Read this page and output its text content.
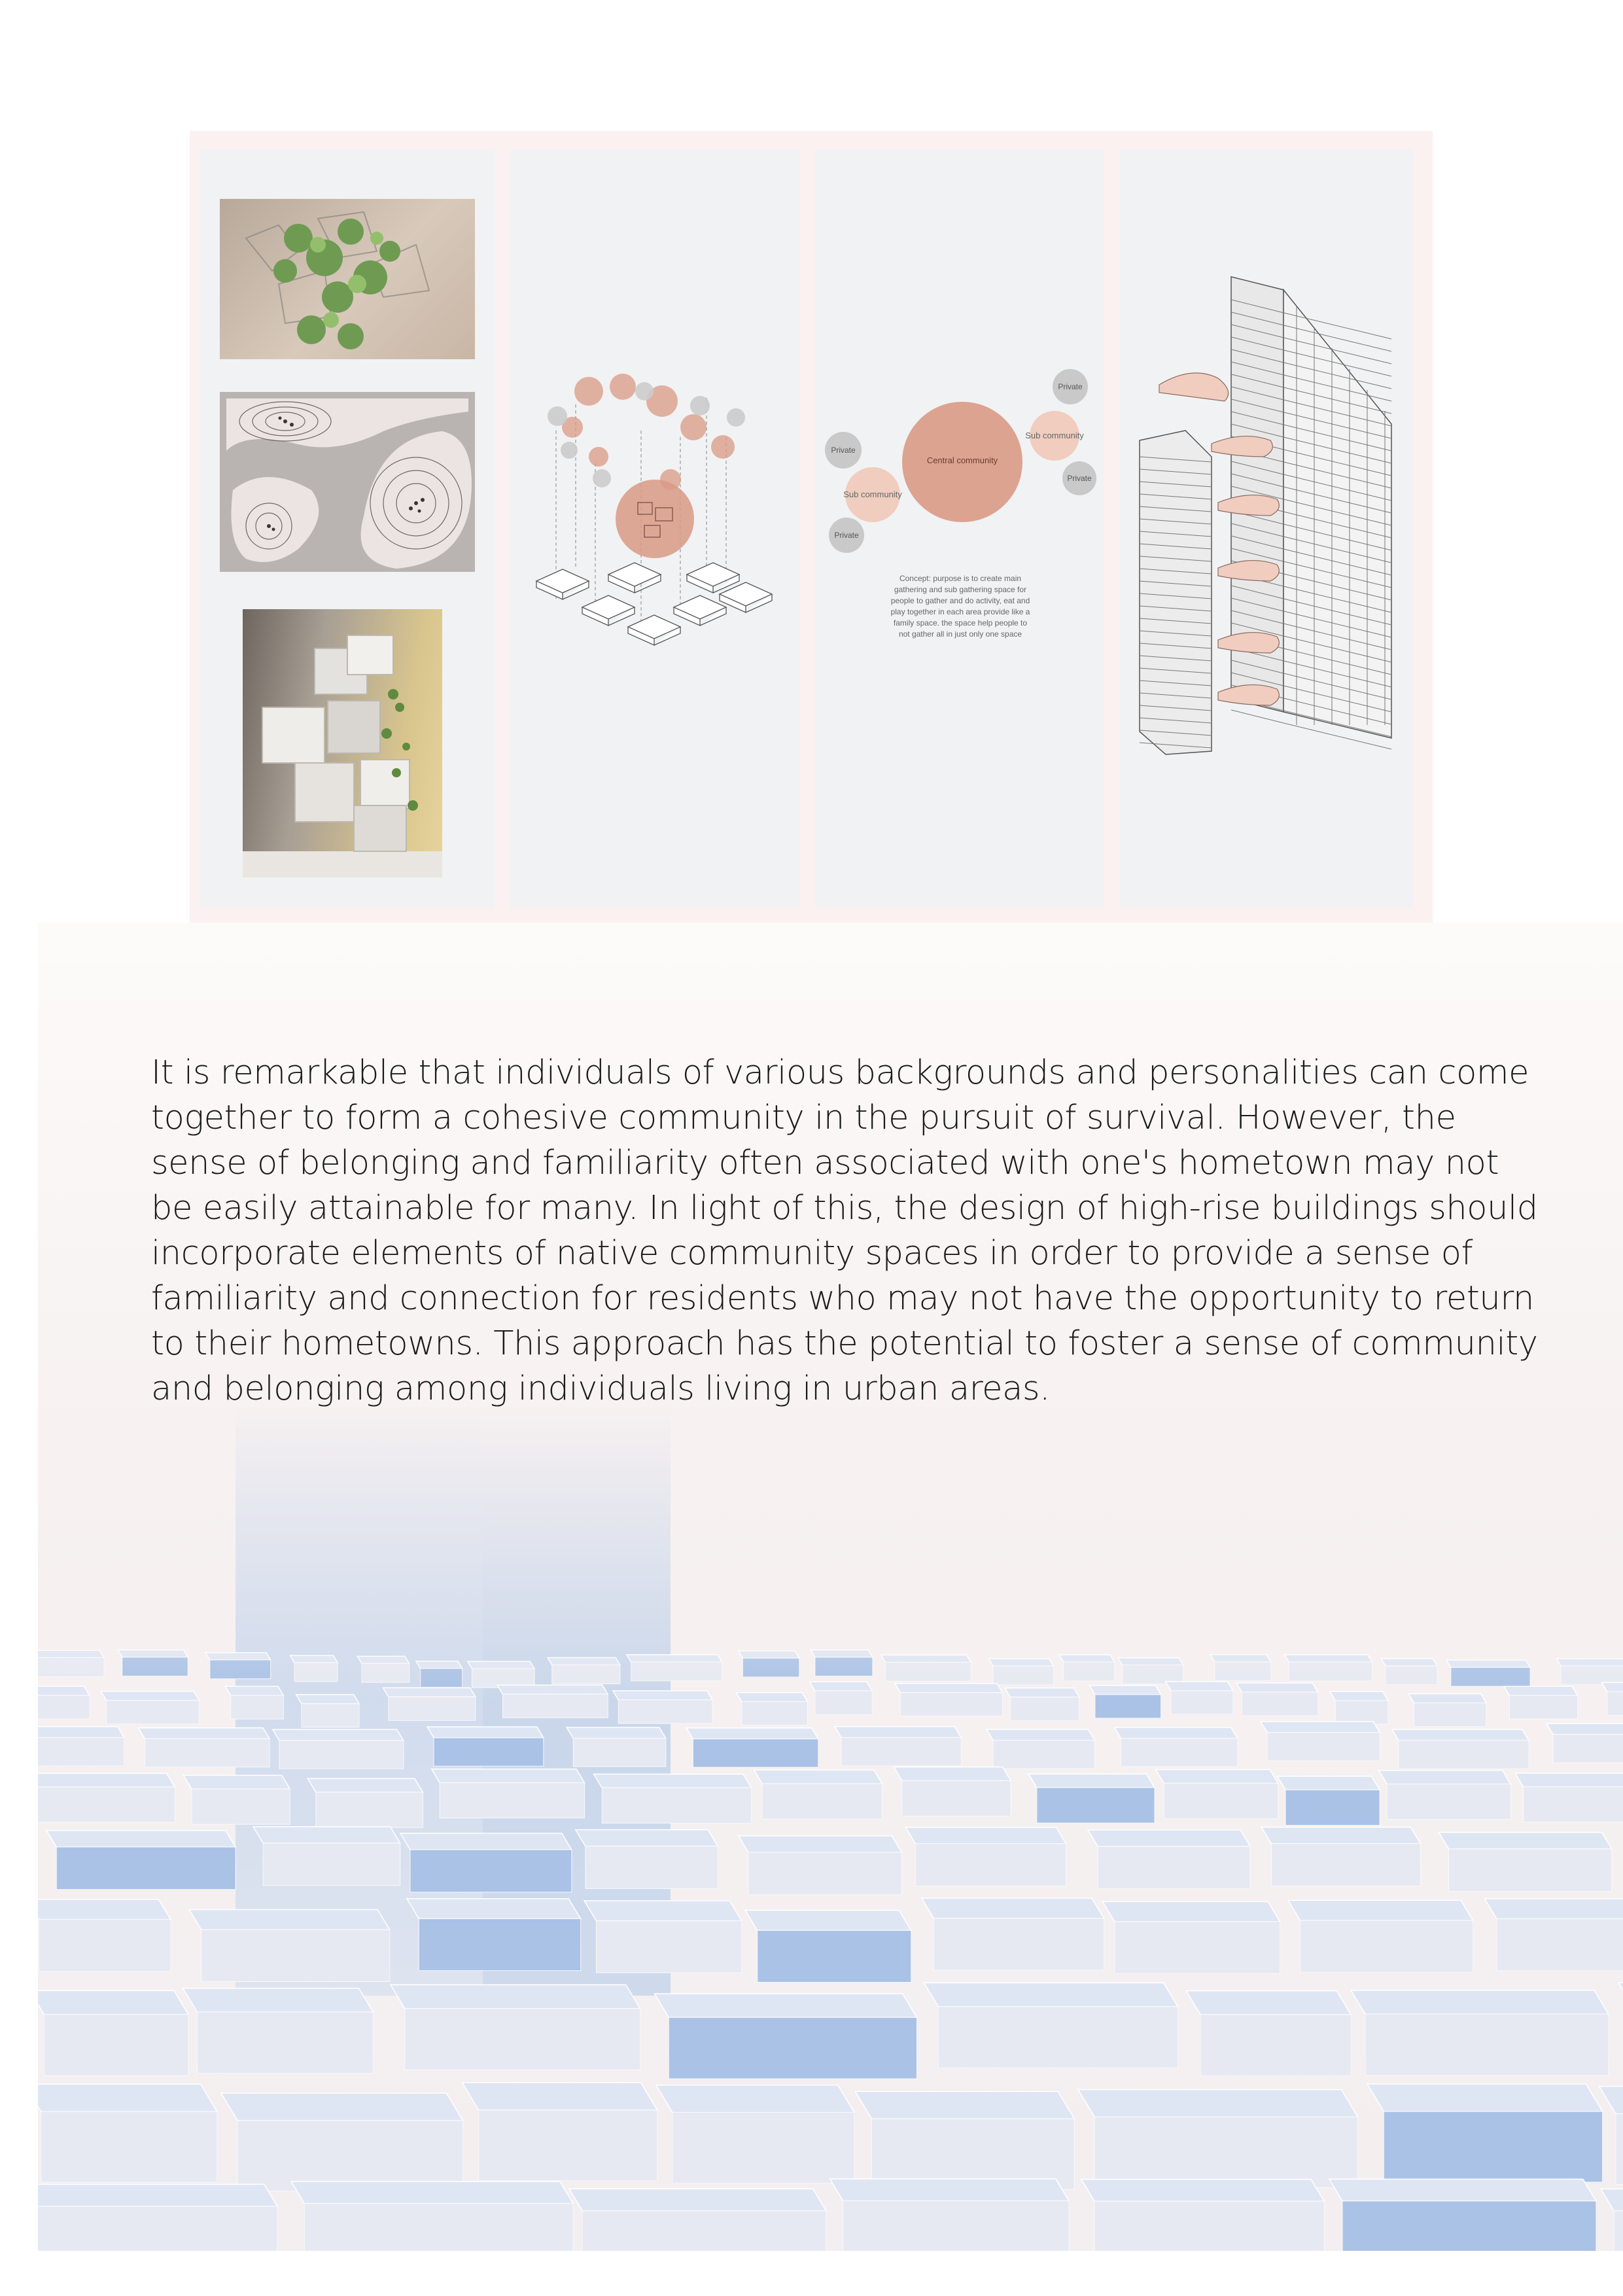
Central community
Sub community
Sub community
Private
Private
Private
Private
Concept: purpose is to create main
gathering and sub gathering space for
people to gather and do activity, eat and
play together in each area provide like a
family space. the space help people to
not gather all in just only one space
It is remarkable that individuals of various backgrounds and personalities can come
together to form a cohesive community in the pursuit of survival. However, the
sense of belonging and familiarity often associated with one's hometown may not
be easily attainable for many. In light of this, the design of high-rise buildings should
incorporate elements of native community spaces in order to provide a sense of
familiarity and connection for residents who may not have the opportunity to return
to their hometowns. This approach has the potential to foster a sense of community
and belonging among individuals living in urban areas.
